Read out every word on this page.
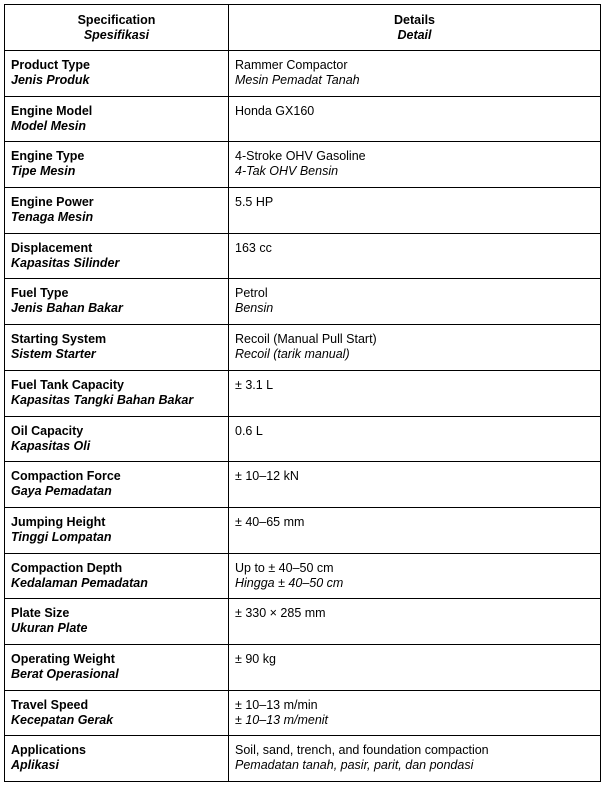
Specification
Spesifikasi	Details
Detail

Product Type
Jenis Produk	Rammer Compactor
Mesin Pemadat Tanah

Engine Model
Model Mesin	Honda GX160

Engine Type
Tipe Mesin	4-Stroke OHV Gasoline
4-Tak OHV Bensin

Engine Power
Tenaga Mesin	5.5 HP

Displacement
Kapasitas Silinder	163 cc

Fuel Type
Jenis Bahan Bakar	Petrol
Bensin

Starting System
Sistem Starter	Recoil (Manual Pull Start)
Recoil (tarik manual)

Fuel Tank Capacity
Kapasitas Tangki Bahan Bakar	± 3.1 L

Oil Capacity
Kapasitas Oli	0.6 L

Compaction Force
Gaya Pemadatan	± 10–12 kN

Jumping Height
Tinggi Lompatan	± 40–65 mm

Compaction Depth
Kedalaman Pemadatan	Up to ± 40–50 cm
Hingga ± 40–50 cm

Plate Size
Ukuran Plate	± 330 × 285 mm

Operating Weight
Berat Operasional	± 90 kg

Travel Speed
Kecepatan Gerak	± 10–13 m/min
± 10–13 m/menit

Applications
Aplikasi	Soil, sand, trench, and foundation compaction
Pemadatan tanah, pasir, parit, dan pondasi
